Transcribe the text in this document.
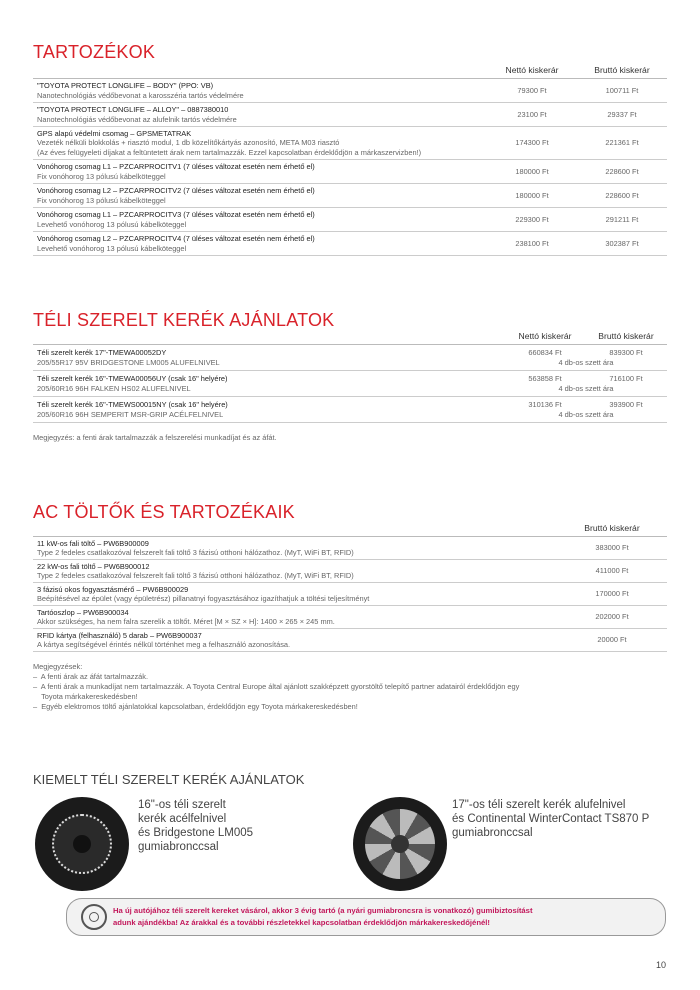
TARTOZÉKOK
Nettó kiskerár	Bruttó kiskerár
"TOYOTA PROTECT LONGLIFE – BODY" (PPO: VB)
Nanotechnológiás védőbevonat a karosszéria tartós védelmére
79300 Ft	100711 Ft
"TOYOTA PROTECT LONGLIFE – ALLOY" – 0887380010
Nanotechnológiás védőbevonat az alufelnik tartós védelmére
23100 Ft	29337 Ft
GPS alapú védelmi csomag – GPSMETATRAK
Vezeték nélküli blokkolás + riasztó modul, 1 db közelítőkártyás azonosító, META M03 riasztó
(Az éves felügyeleti díjakat a feltüntetett árak nem tartalmazzák. Ezzel kapcsolatban érdeklődjön a márkaszervizben!)
174300 Ft	221361 Ft
Vonóhorog csomag L1 – PZCARPROCITV1 (7 üléses változat esetén nem érhető el)
Fix vonóhorog 13 pólusú kábelköteggel
180000 Ft	228600 Ft
Vonóhorog csomag L2 – PZCARPROCITV2 (7 üléses változat esetén nem érhető el)
Fix vonóhorog 13 pólusú kábelköteggel
180000 Ft	228600 Ft
Vonóhorog csomag L1 – PZCARPROCITV3 (7 üléses változat esetén nem érhető el)
Levehető vonóhorog 13 pólusú kábelköteggel
229300 Ft	291211 Ft
Vonóhorog csomag L2 – PZCARPROCITV4 (7 üléses változat esetén nem érhető el)
Levehető vonóhorog 13 pólusú kábelköteggel
238100 Ft	302387 Ft
TÉLI SZERELT KERÉK AJÁNLATOK
Nettó kiskerár	Bruttó kiskerár
Téli szerelt kerék 17"-TMEWA00052DY
205/55R17 95V BRIDGESTONE LM005 ALUFELNIVEL
660834 Ft	839300 Ft
4 db-os szett ára
Téli szerelt kerék 16"-TMEWA00056UY (csak 16" helyére)
205/60R16 96H FALKEN HS02 ALUFELNIVEL
563858 Ft	716100 Ft
4 db-os szett ára
Téli szerelt kerék 16"-TMEWS00015NY (csak 16" helyére)
205/60R16 96H SEMPERIT MSR-GRIP ACÉLFELNIVEL
310136 Ft	393900 Ft
4 db-os szett ára
Megjegyzés: a fenti árak tartalmazzák a felszerelési munkadíjat és az áfát.
AC TÖLTŐK ÉS TARTOZÉKAIK
Bruttó kiskerár
11 kW-os fali töltő – PW6B900009
Type 2 fedeles csatlakozóval felszerelt fali töltő 3 fázisú otthoni hálózathoz. (MyT, WiFi BT, RFID)
383000 Ft
22 kW-os fali töltő – PW6B900012
Type 2 fedeles csatlakozóval felszerelt fali töltő 3 fázisú otthoni hálózathoz. (MyT, WiFi BT, RFID)
411000 Ft
3 fázisú okos fogyasztásmérő – PW6B900029
Beépítésével az épület (vagy épületrész) pillanatnyi fogyasztásához igazíthatjuk a töltési teljesítményt
170000 Ft
Tartóoszlop – PW6B900034
Akkor szükséges, ha nem falra szerelik a töltőt. Méret [M × SZ × H]: 1400 × 265 × 245 mm.
202000 Ft
RFID kártya (felhasználó) 5 darab – PW6B900037
A kártya segítségével érintés nélkül történhet meg a felhasználó azonosítása.
20000 Ft
Megjegyzések:
–  A fenti árak az áfát tartalmazzák.
–  A fenti árak a munkadíjat nem tartalmazzák. A Toyota Central Europe által ajánlott szakképzett gyorstöltő telepítő partner adatairól érdeklődjön egy
Toyota márkakereskedésben!
–  Egyéb elektromos töltő ajánlatokkal kapcsolatban, érdeklődjön egy Toyota márkakereskedésben!
KIEMELT TÉLI SZERELT KERÉK AJÁNLATOK
16"-os téli szerelt
kerék acélfelnivel
és Bridgestone LM005
gumiabronccsal
17"-os téli szerelt kerék alufelnivel
és Continental WinterContact TS870 P
gumiabronccsal
Ha új autójához téli szerelt kereket vásárol, akkor 3 évig tartó (a nyári gumiabroncsra is vonatkozó) gumibiztosítást
adunk ajándékba! Az árakkal és a további részletekkel kapcsolatban érdeklődjön márkakereskedőjénél!
10
